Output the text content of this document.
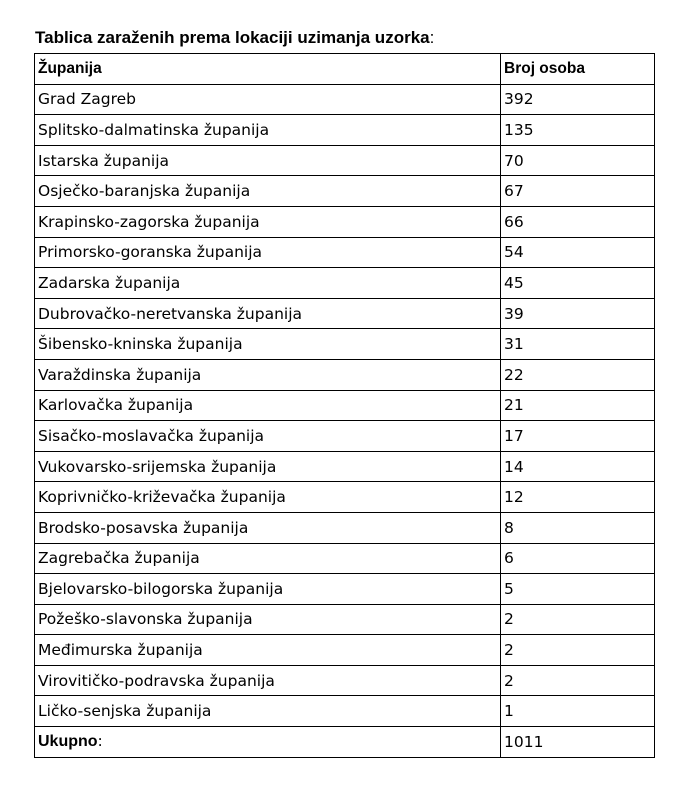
Tablica zaraženih prema lokaciji uzimanja uzorka:
Županija	Broj osoba
Grad Zagreb	392
Splitsko-dalmatinska županija	135
Istarska županija	70
Osječko-baranjska županija	67
Krapinsko-zagorska županija	66
Primorsko-goranska županija	54
Zadarska županija	45
Dubrovačko-neretvanska županija	39
Šibensko-kninska županija	31
Varaždinska županija	22
Karlovačka županija	21
Sisačko-moslavačka županija	17
Vukovarsko-srijemska županija	14
Koprivničko-križevačka županija	12
Brodsko-posavska županija	8
Zagrebačka županija	6
Bjelovarsko-bilogorska županija	5
Požeško-slavonska županija	2
Međimurska županija	2
Virovitičko-podravska županija	2
Ličko-senjska županija	1
Ukupno:	1011
